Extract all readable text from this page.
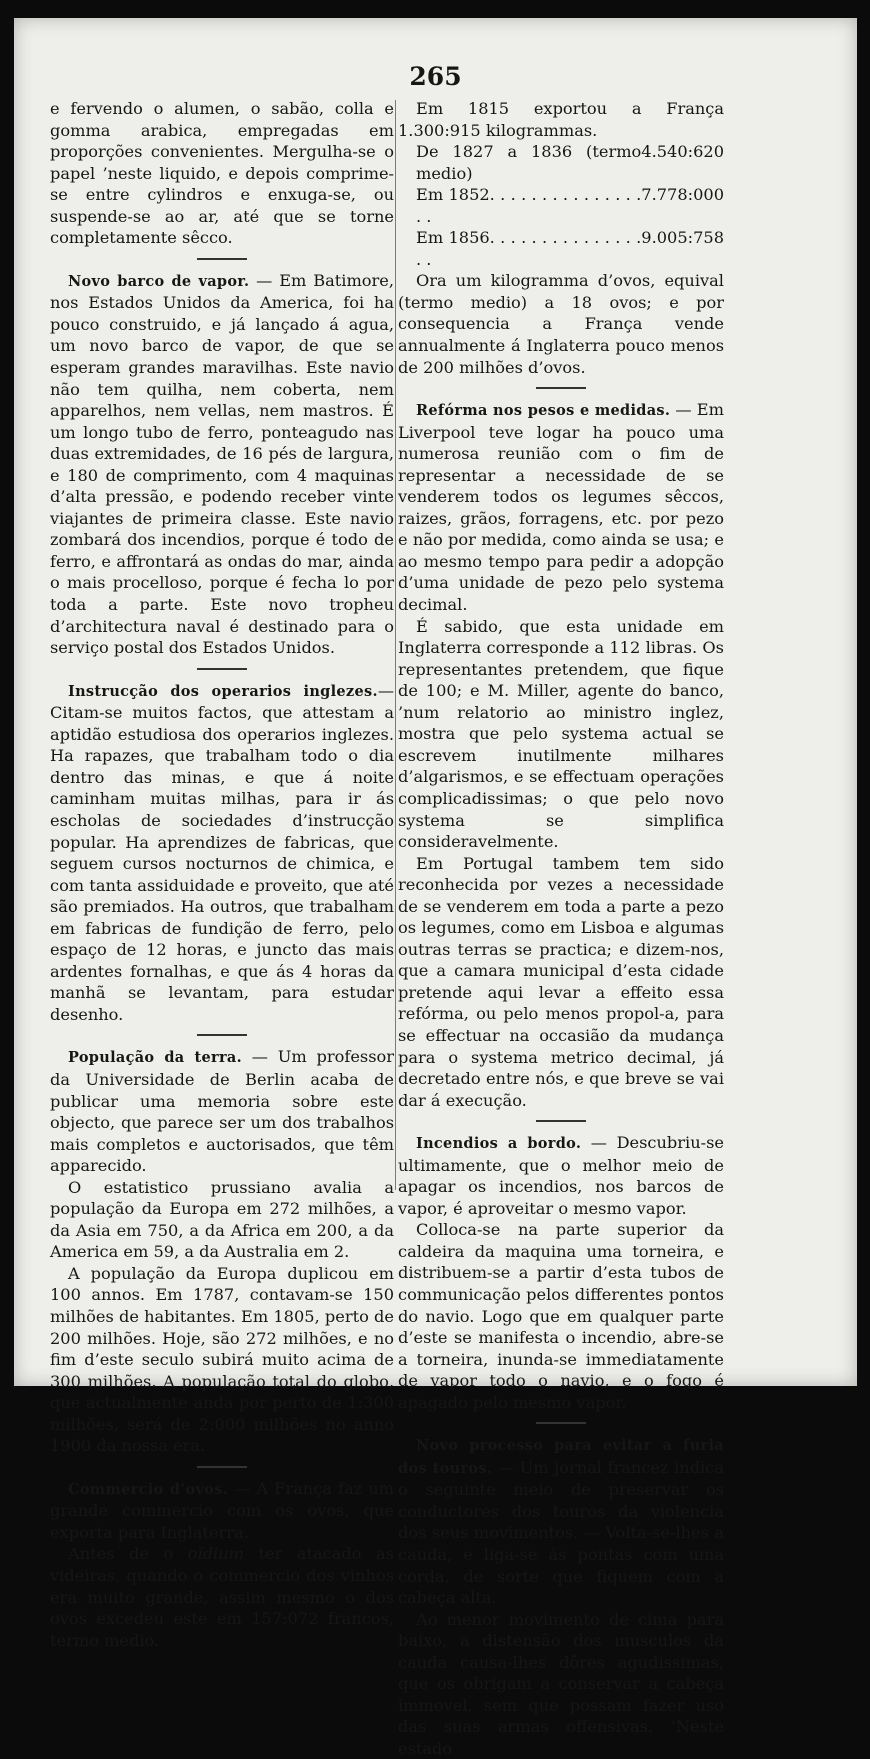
265

e fervendo o alumen, o sabão, colla e gomma arabica, empregadas em proporções convenientes. Mergulha-se o papel ’neste liquido, e depois comprime-se entre cylindros e enxuga-se, ou suspende-se ao ar, até que se torne completamente sêcco.

Novo barco de vapor. — Em Batimore, nos Estados Unidos da America, foi ha pouco construido, e já lançado á agua, um novo barco de vapor, de que se esperam grandes maravilhas. Este navio não tem quilha, nem coberta, nem apparelhos, nem vellas, nem mastros. É um longo tubo de ferro, ponteagudo nas duas extremidades, de 16 pés de largura, e 180 de comprimento, com 4 maquinas d’alta pressão, e podendo receber vinte viajantes de primeira classe. Este navio zombará dos incendios, porque é todo de ferro, e affrontará as ondas do mar, ainda o mais procelloso, porque é fecha lo por toda a parte. Este novo tropheu d’architectura naval é destinado para o serviço postal dos Estados Unidos.

Instrucção dos operarios inglezes.— Citam-se muitos factos, que attestam a aptidão estudiosa dos operarios inglezes. Ha rapazes, que trabalham todo o dia dentro das minas, e que á noite caminham muitas milhas, para ir ás escholas de sociedades d’instrucção popular. Ha aprendizes de fabricas, que seguem cursos nocturnos de chimica, e com tanta assiduidade e proveito, que até são premiados. Ha outros, que trabalham em fabricas de fundição de ferro, pelo espaço de 12 horas, e juncto das mais ardentes fornalhas, e que ás 4 horas da manhã se levantam, para estudar desenho.

População da terra. — Um professor da Universidade de Berlin acaba de publicar uma memoria sobre este objecto, que parece ser um dos trabalhos mais completos e auctorisados, que têm apparecido.

O estatistico prussiano avalia a população da Europa em 272 milhões, a da Asia em 750, a da Africa em 200, a da America em 59, a da Australia em 2.

A população da Europa duplicou em 100 annos. Em 1787, contavam-se 150 milhões de habitantes. Em 1805, perto de 200 milhões. Hoje, são 272 milhões, e no fim d’este seculo subirá muito acima de 300 milhões. A população total do globo, que actualmente anda por perto de 1:300 milhões, será de 2:000 milhões no anno 1900 da nossa era.

Commercio d’ovos. — A França faz um grande commercio com os ovos, que exporta para Inglaterra.

Antes de o oïdium ter atacado as videiras, quando o commercio dos vinhos era muito grande, assim mesmo o dos ovos excedeu este em 157:072 francos, termo medio.

Em 1815 exportou a França 1.300:915 kilogrammas.

De 1827 a 1836 (termo medio)
4.540:620
Em 1852. . . . . . . . . . . . . . . . .
7.778:000
Em 1856. . . . . . . . . . . . . . . . .
9.005:758

Ora um kilogramma d’ovos, equival (termo medio) a 18 ovos; e por consequencia a França vende annualmente á Inglaterra pouco menos de 200 milhões d’ovos.

Refórma nos pesos e medidas. — Em Liverpool teve logar ha pouco uma numerosa reunião com o fim de representar a necessidade de se venderem todos os legumes sêccos, raizes, grãos, forragens, etc. por pezo e não por medida, como ainda se usa; e ao mesmo tempo para pedir a adopção d’uma unidade de pezo pelo systema decimal.

É sabido, que esta unidade em Inglaterra corresponde a 112 libras. Os representantes pretendem, que fique de 100; e M. Miller, agente do banco, ’num relatorio ao ministro inglez, mostra que pelo systema actual se escrevem inutilmente milhares d’algarismos, e se effectuam operações complicadissimas; o que pelo novo systema se simplifica consideravelmente.

Em Portugal tambem tem sido reconhecida por vezes a necessidade de se venderem em toda a parte a pezo os legumes, como em Lisboa e algumas outras terras se practica; e dizem-nos, que a camara municipal d’esta cidade pretende aqui levar a effeito essa refórma, ou pelo menos propol-a, para se effectuar na occasião da mudança para o systema metrico decimal, já decretado entre nós, e que breve se vai dar á execução.

Incendios a bordo. — Descubriu-se ultimamente, que o melhor meio de apagar os incendios, nos barcos de vapor, é aproveitar o mesmo vapor.

Colloca-se na parte superior da caldeira da maquina uma torneira, e distribuem-se a partir d’esta tubos de communicação pelos differentes pontos do navio. Logo que em qualquer parte d’este se manifesta o incendio, abre-se a torneira, inunda-se immediatamente de vapor todo o navio, e o fogo é apagado pelo mesmo vapor.

Novo processo para evitar a furia dos touros. — Um jornal francez indica o seguinte meio de preservar os conductores dos touros da violencia dos seus movimentos. — Volta-se-lhes a cauda, e liga-se ás pontas com uma corda, de sorte que fiquem com a cabeça alta.

Ao menor movimento de cima para baixo, a distensão dos musculos da cauda causa-lhes dôres agudissimas, que os obrigam a conservar a cabeça immovel, sem que possam fazer uso das suas armas offensivas. ’Neste estado
